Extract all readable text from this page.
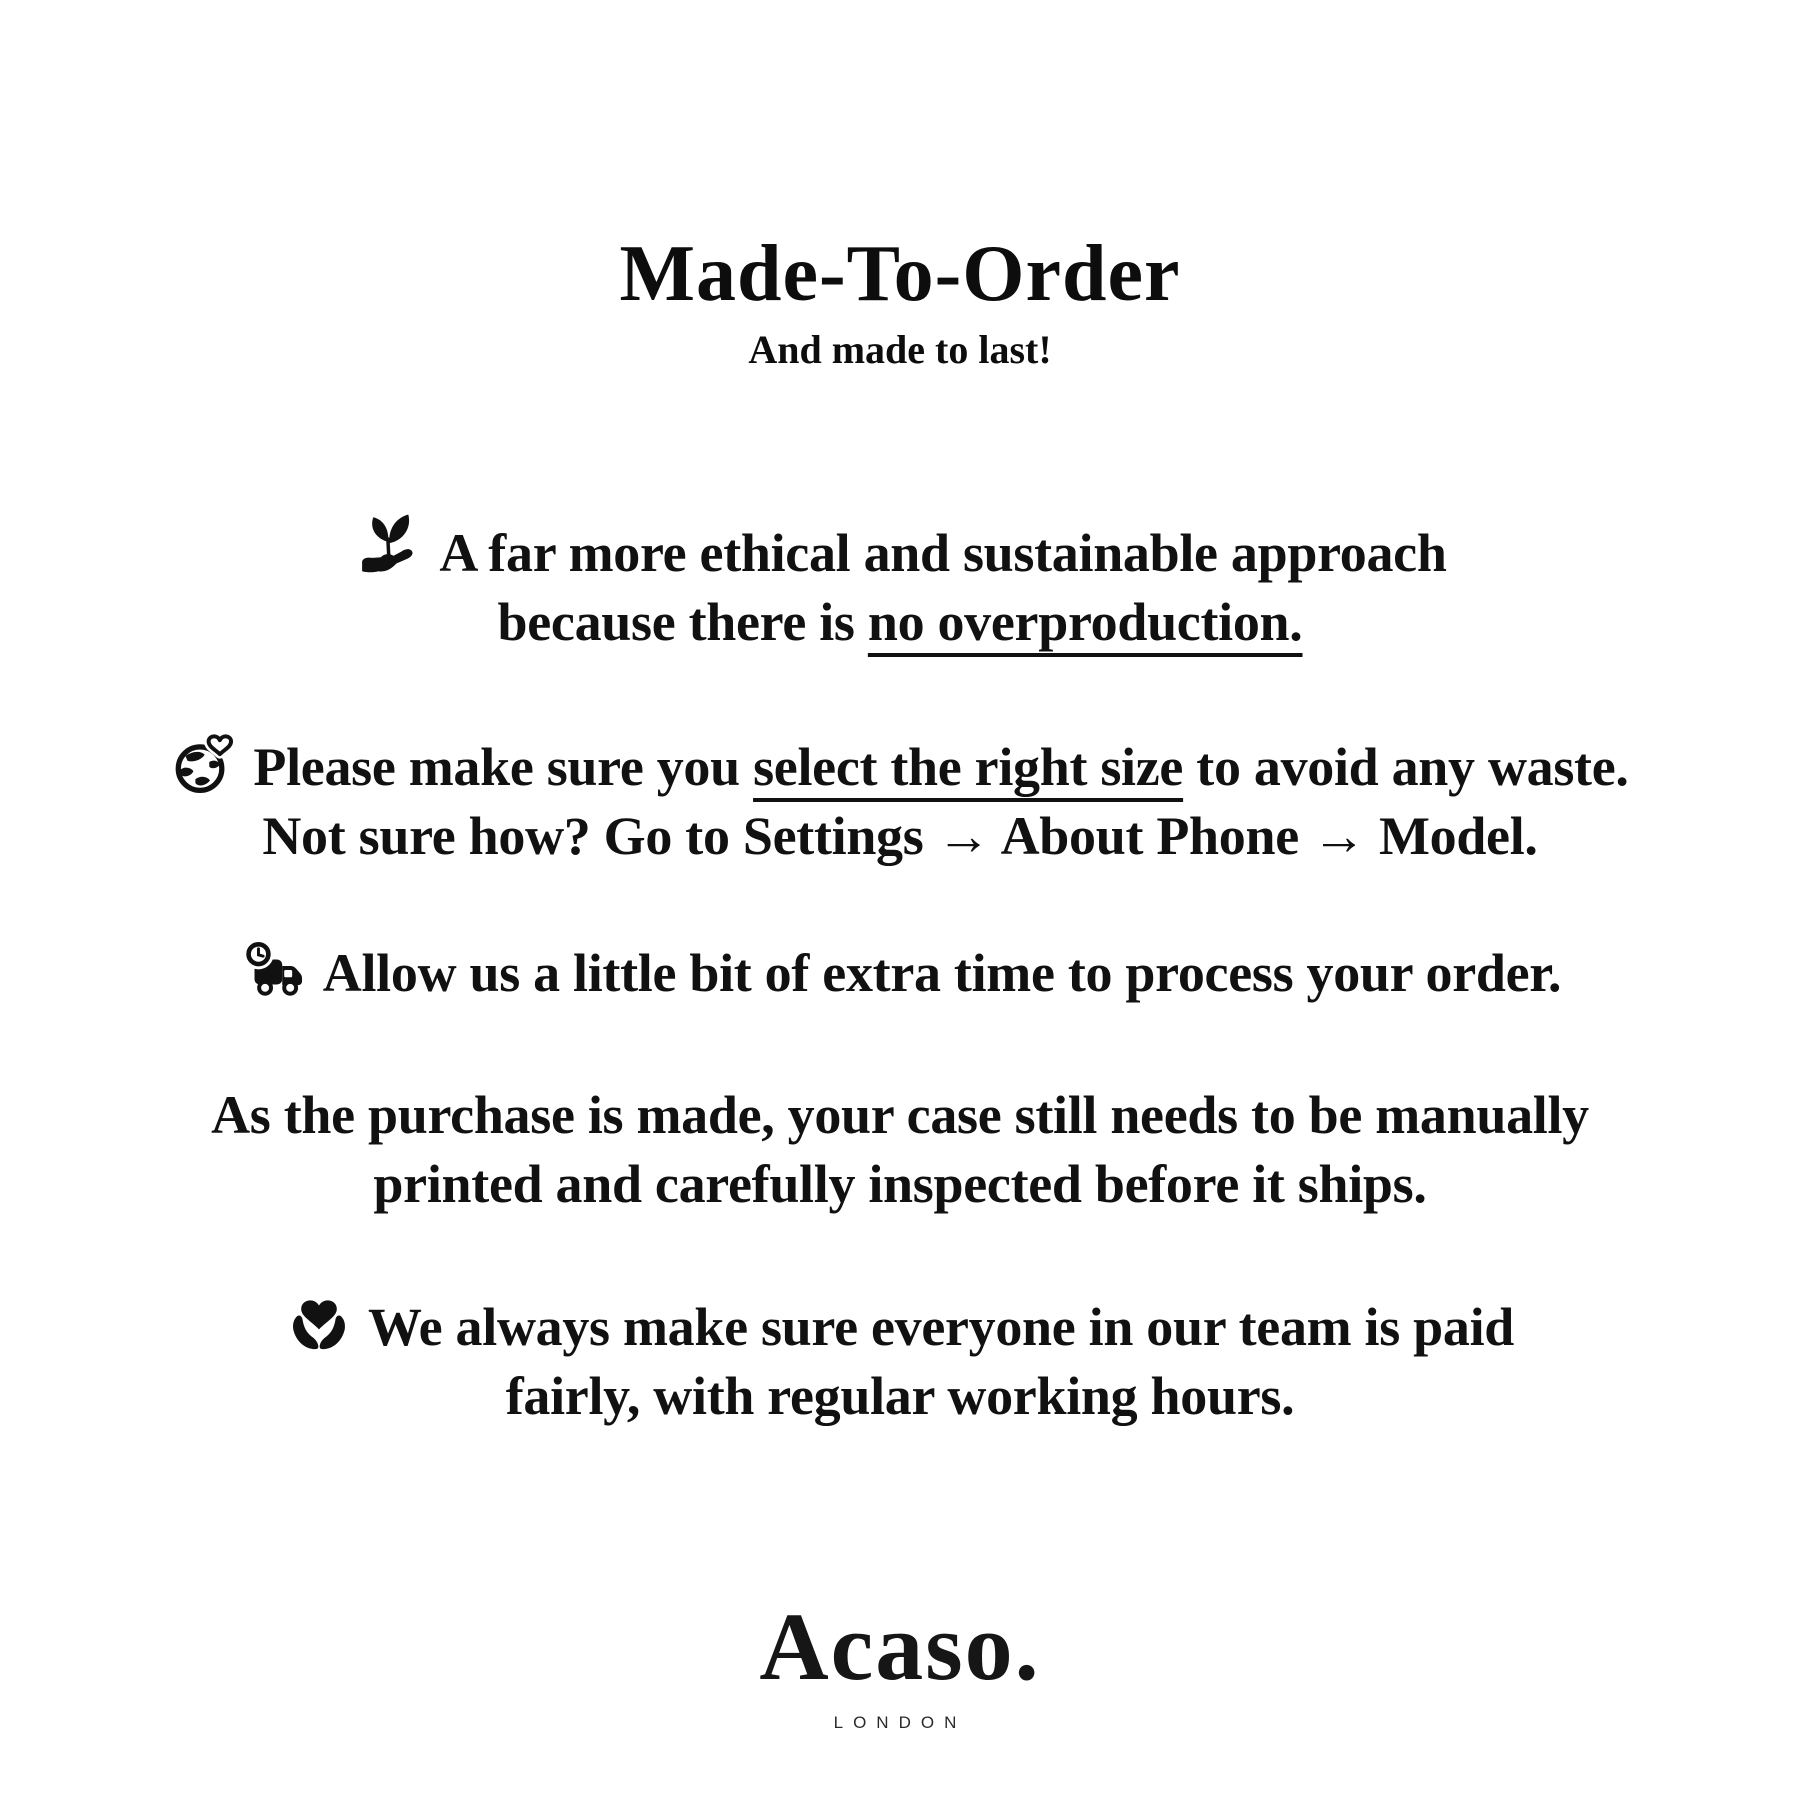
Made-To-Order
And made to last!

A far more ethical and sustainable approach
because there is no overproduction.

Please make sure you select the right size to avoid any waste.
Not sure how? Go to Settings → About Phone → Model.

Allow us a little bit of extra time to process your order.

As the purchase is made, your case still needs to be manually
printed and carefully inspected before it ships.

We always make sure everyone in our team is paid
fairly, with regular working hours.

Acaso.
LONDON
